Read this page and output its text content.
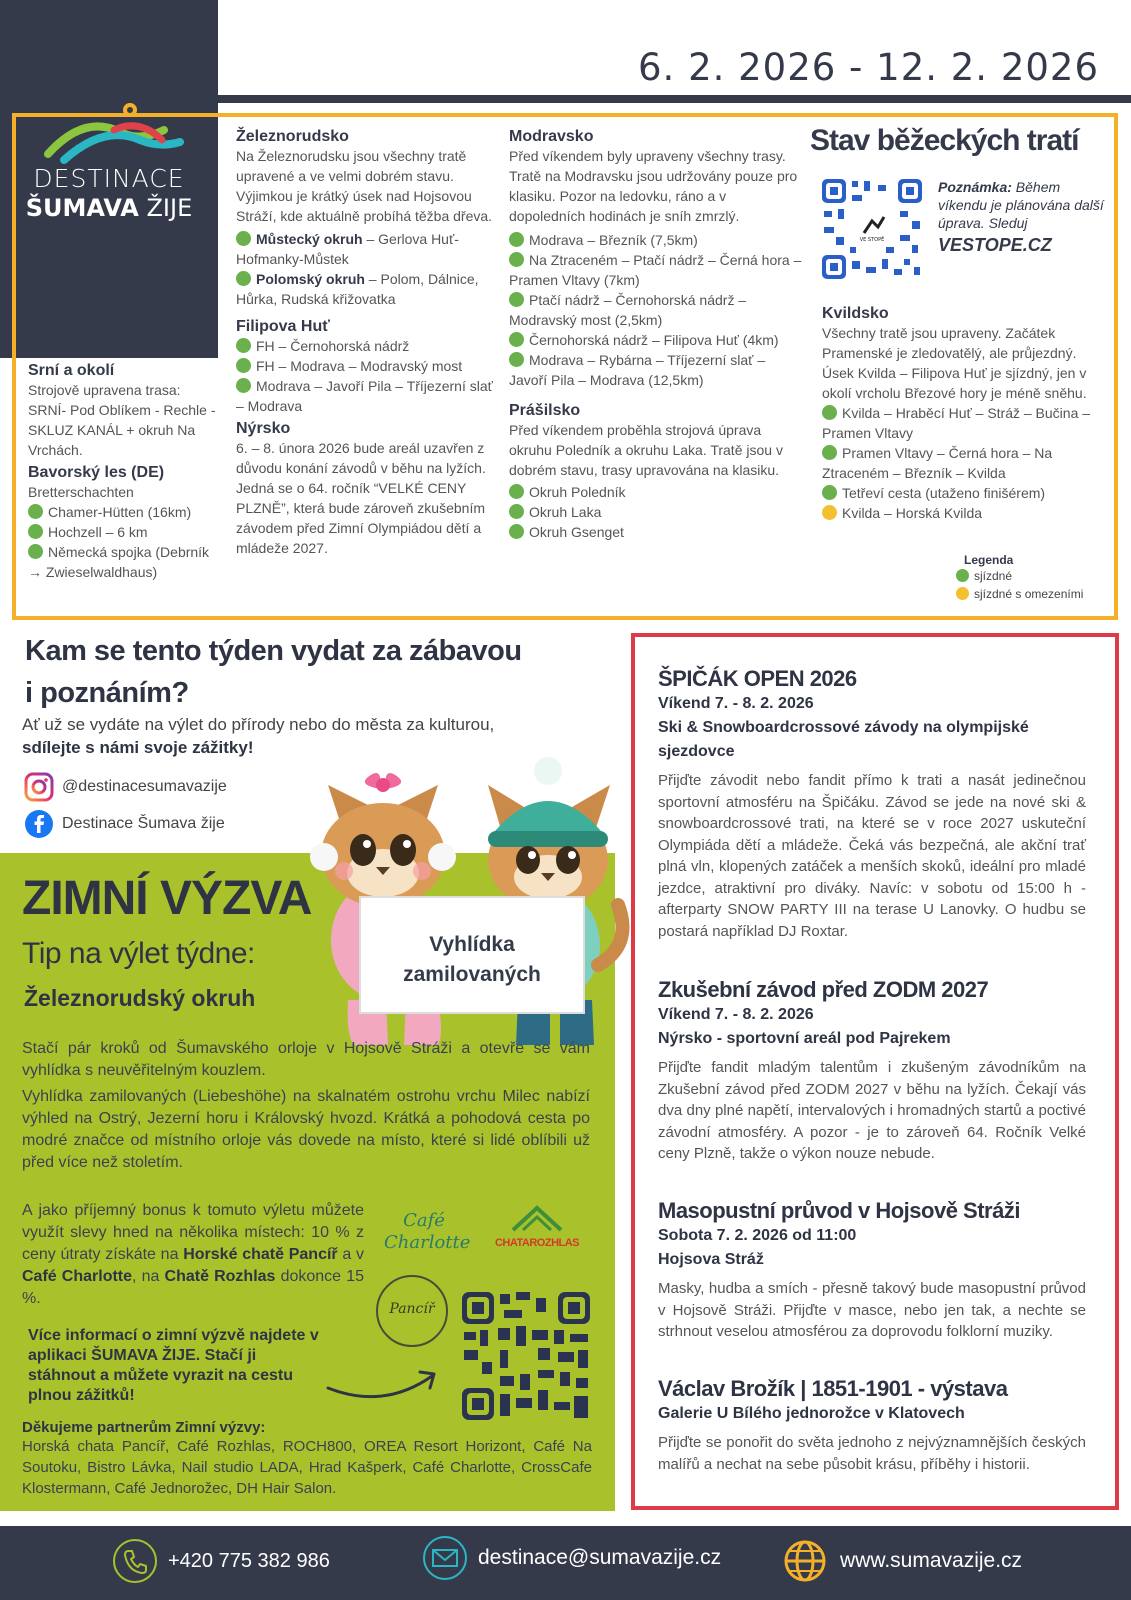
DESTINACE
ŠUMAVA ŽIJE
6. 2. 2026 - 12. 2. 2026
Srní a okolí
Strojově upravena trasa: SRNÍ- Pod Oblíkem - Rechle - SKLUZ KANÁL + okruh Na Vrchách.
Bavorský les (DE)
Bretterschachten
Chamer-Hütten (16km)
Hochzell – 6 km
Německá spojka (Debrník → Zwieselwaldhaus)
Železnorudsko
Na Železnorudsku jsou všechny tratě upravené a ve velmi dobrém stavu. Výjimkou je krátký úsek nad Hojsovou Stráží, kde aktuálně probíhá těžba dřeva.
Můstecký okruh – Gerlova Huť-Hofmanky-Můstek
Polomský okruh – Polom, Dálnice, Hůrka, Rudská křižovatka
Filipova Huť
FH – Černohorská nádrž
FH – Modrava – Modravský most
Modrava – Javoří Pila – Tříjezerní slať – Modrava
Nýrsko
6. – 8. února 2026 bude areál uzavřen z důvodu konání závodů v běhu na lyžích. Jedná se o 64. ročník “VELKÉ CENY PLZNĚ”, která bude zároveň zkušebním závodem před Zimní Olympiádou dětí a mládeže 2027.
Modravsko
Před víkendem byly upraveny všechny trasy. Tratě na Modravsku jsou udržovány pouze pro klasiku. Pozor na ledovku, ráno a v dopoledních hodinách je sníh zmrzlý.
Modrava – Březník (7,5km)
Na Ztraceném – Ptačí nádrž – Černá hora – Pramen Vltavy (7km)
Ptačí nádrž – Černohorská nádrž – Modravský most (2,5km)
Černohorská nádrž – Filipova Huť (4km)
Modrava – Rybárna – Tříjezerní slať – Javoří Pila – Modrava (12,5km)
Prášilsko
Před víkendem proběhla strojová úprava okruhu Poledník a okruhu Laka. Tratě jsou v dobrém stavu, trasy upravována na klasiku.
Okruh Poledník
Okruh Laka
Okruh Gsenget
Stav běžeckých tratí
VE STOPĚ
Poznámka: Během víkendu je plánována další úprava. Sleduj
VESTOPE.CZ
Kvildsko
Všechny tratě jsou upraveny. Začátek Pramenské je zledovatělý, ale průjezdný. Úsek Kvilda – Filipova Huť je sjízdný, jen v okolí vrcholu Březové hory je méně sněhu.
Kvilda – Hraběcí Huť – Stráž – Bučina – Pramen Vltavy
Pramen Vltavy – Černá hora – Na Ztraceném – Březník – Kvilda
Tetřeví cesta (utaženo finišérem)
Kvilda – Horská Kvilda
Legenda
sjízdné
sjízdné s omezeními
Kam se tento týden vydat za zábavou
i poznáním?
Ať už se vydáte na výlet do přírody nebo do města za kulturou,
sdílejte s námi svoje zážitky!
@destinacesumavazije
Destinace Šumava žije
Vyhlídka
zamilovaných
ZIMNÍ VÝZVA
Tip na výlet týdne:
Železnorudský okruh

Stačí pár kroků od Šumavského orloje v Hojsově Stráži a otevře se vám vyhlídka s neuvěřitelným kouzlem.

Vyhlídka zamilovaných (Liebeshöhe) na skalnatém ostrohu vrchu Milec nabízí výhled na Ostrý, Jezerní horu i Královský hvozd. Krátká a pohodová cesta po modré značce od místního orloje vás dovede na místo, které si lidé oblíbili už před více než stoletím.

A jako příjemný bonus k tomuto výletu můžete využít slevy hned na několika místech: 10 % z ceny útraty získáte na Horské chatě Pancíř a v Café Charlotte, na Chatě Rozhlas dokonce 15 %.
Café
Charlotte	CHATAROZHLAS
Pancíř
Více informací o zimní výzvě najdete v aplikaci ŠUMAVA ŽIJE. Stačí ji stáhnout a můžete vyrazit na cestu plnou zážitků!
Děkujeme partnerům Zimní výzvy:
Horská chata Pancíř, Café Rozhlas, ROCH800, OREA Resort Horizont, Café Na Soutoku, Bistro Lávka, Nail studio LADA, Hrad Kašperk, Café Charlotte, CrossCafe Klostermann, Café Jednorožec, DH Hair Salon.
ŠPIČÁK OPEN 2026
Víkend 7. - 8. 2. 2026
Ski & Snowboardcrossové závody na olympijské sjezdovce

Přijďte závodit nebo fandit přímo k trati a nasát jedinečnou sportovní atmosféru na Špičáku. Závod se jede na nové ski & snowboardcrossové trati, na které se v roce 2027 uskuteční Olympiáda dětí a mládeže. Čeká vás bezpečná, ale akční trať plná vln, klopených zatáček a menších skoků, ideální pro mladé jezdce, atraktivní pro diváky. Navíc: v sobotu od 15:00 h - afterparty SNOW PARTY III na terase U Lanovky. O hudbu se postará například DJ Roxtar.

Zkušební závod před ZODM 2027
Víkend 7. - 8. 2. 2026
Nýrsko - sportovní areál pod Pajrekem

Přijďte fandit mladým talentům i zkušeným závodníkům na Zkušební závod před ZODM 2027 v běhu na lyžích. Čekají vás dva dny plné napětí, intervalových i hromadných startů a poctivé závodní atmosféry. A pozor - je to zároveň 64. Ročník Velké ceny Plzně, takže o výkon nouze nebude.

Masopustní průvod v Hojsově Stráži
Sobota 7. 2. 2026 od 11:00
Hojsova Stráž

Masky, hudba a smích - přesně takový bude masopustní průvod v Hojsově Stráži. Přijďte v masce, nebo jen tak, a nechte se strhnout veselou atmosférou za doprovodu folklorní muziky.

Václav Brožík | 1851-1901 - výstava
Galerie U Bílého jednorožce v Klatovech

Přijďte se ponořit do světa jednoho z nejvýznamnějších českých malířů a nechat na sebe působit krásu, příběhy i historii.

+420 775 382 986	destinace@sumavazije.cz	www.sumavazije.cz
